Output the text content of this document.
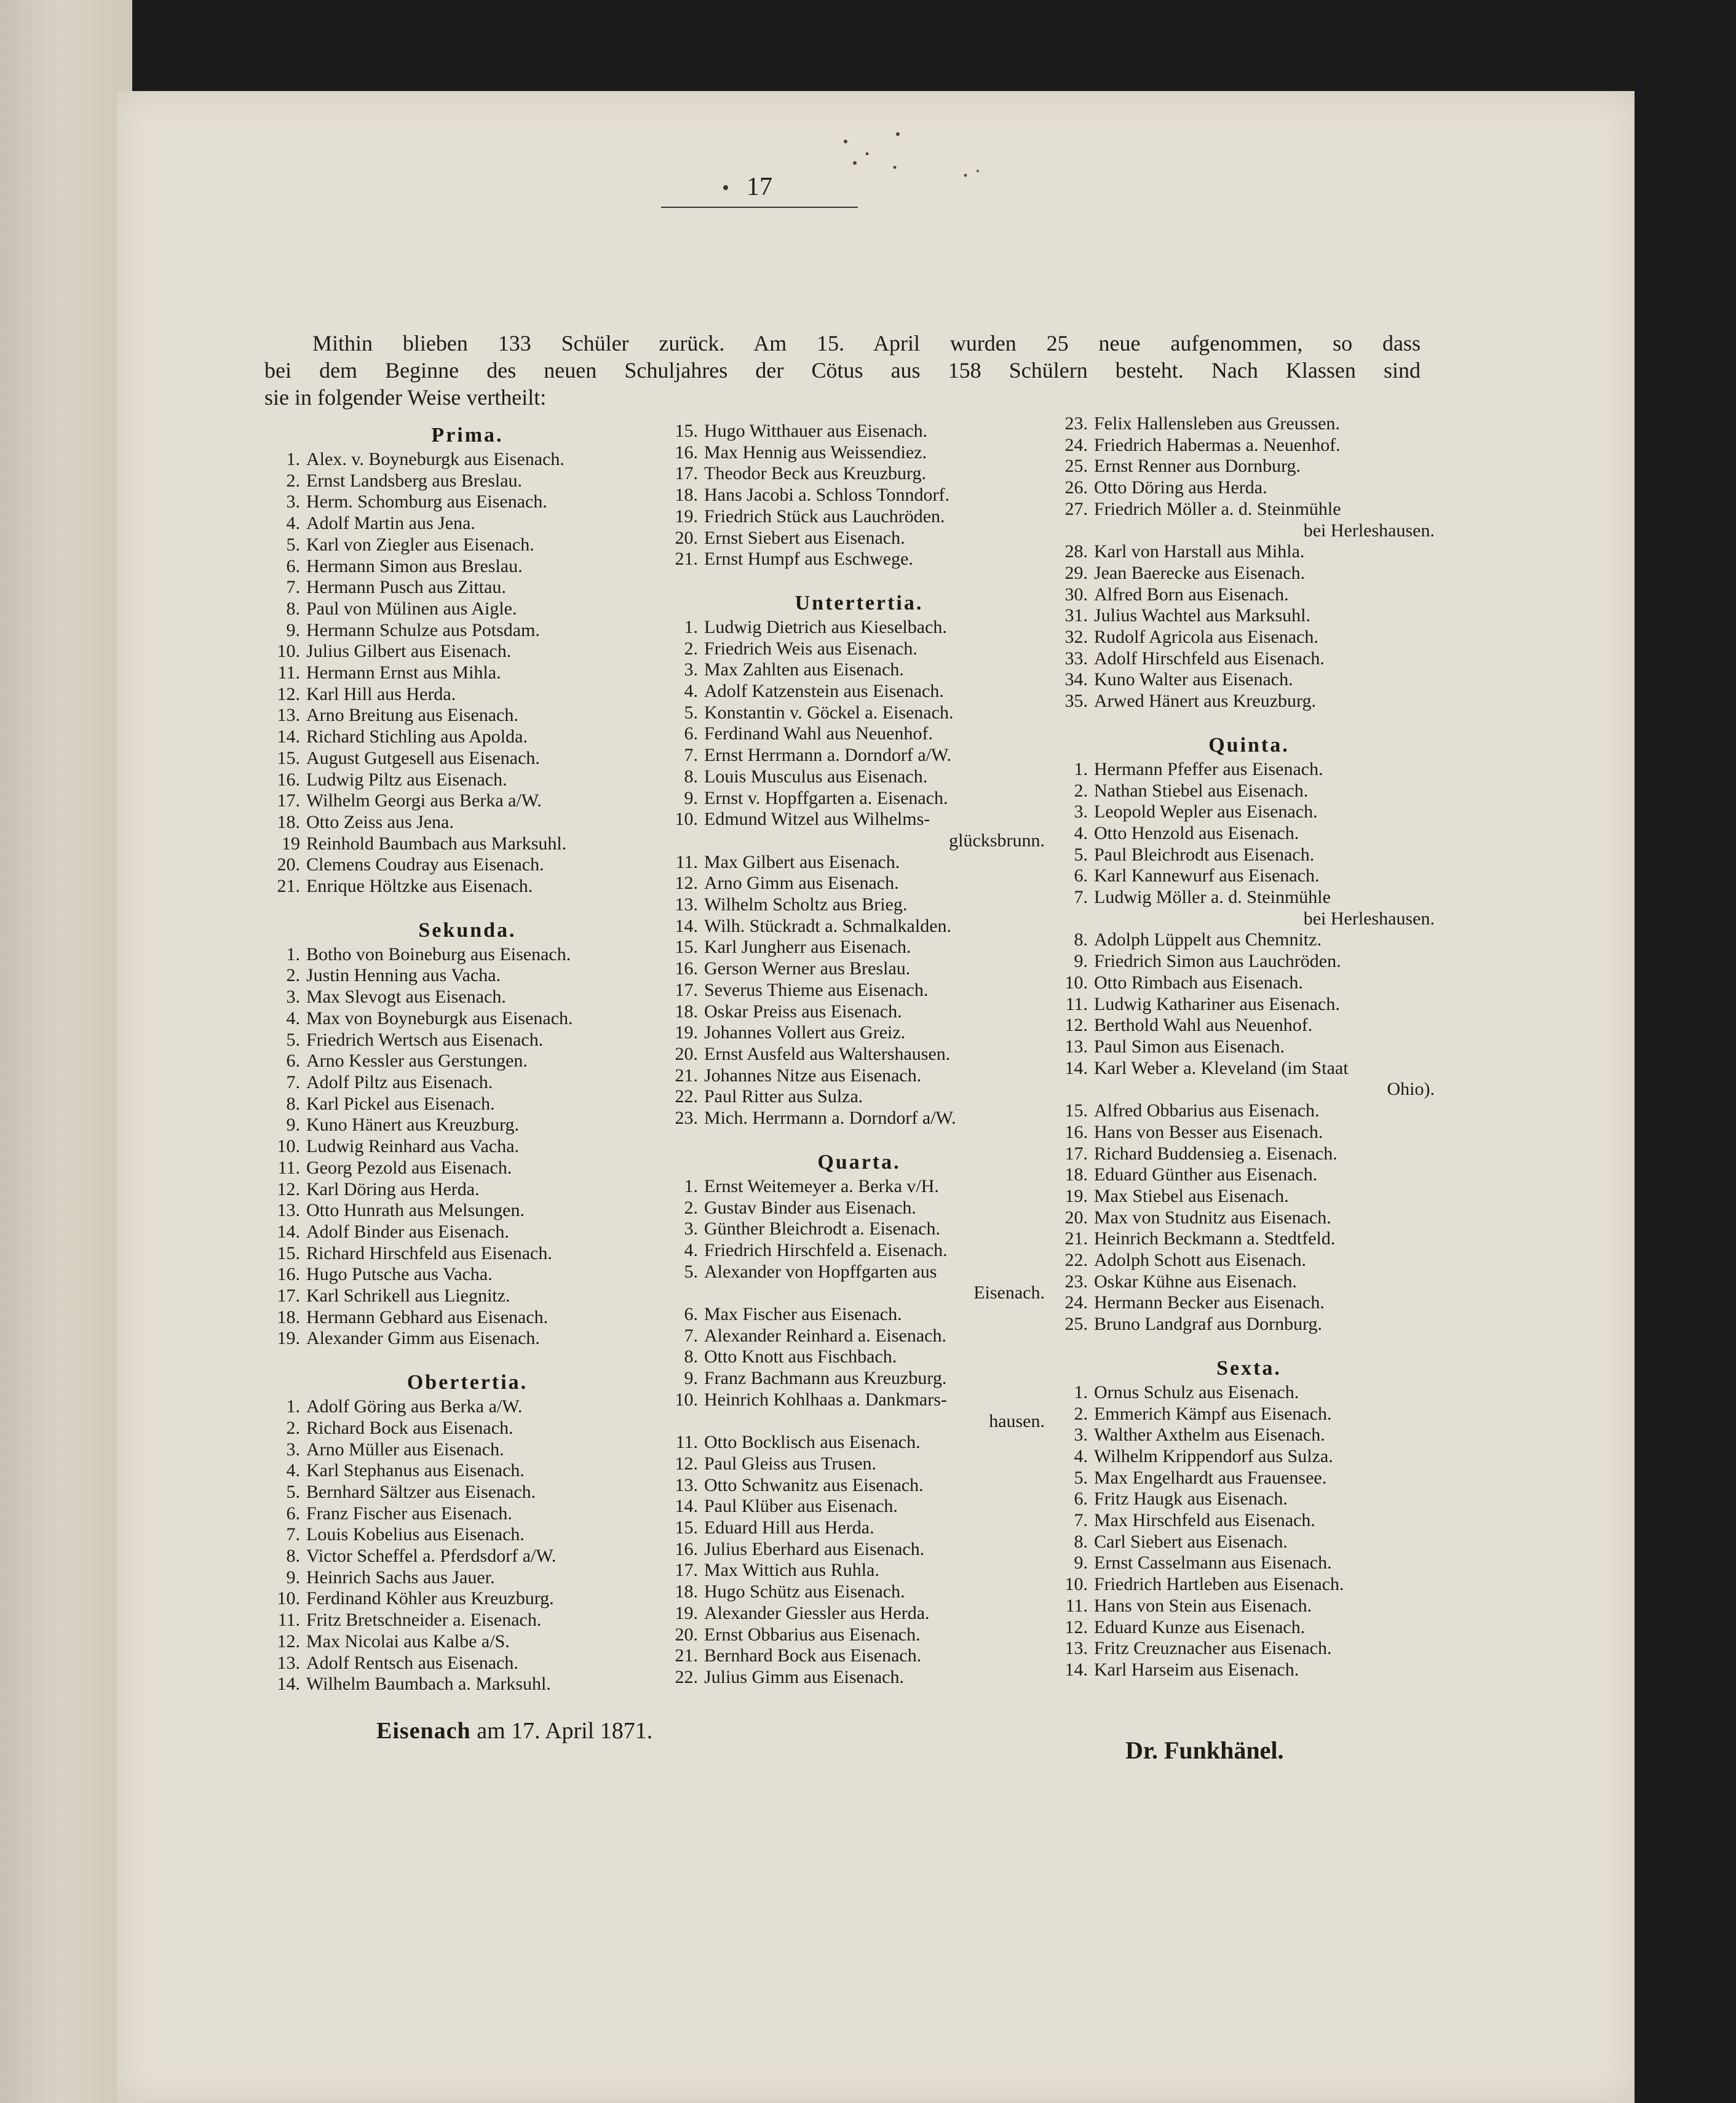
17

Mithin blieben 133 Schüler zurück. Am 15. April wurden 25 neue aufgenommen, so dass

bei dem Beginne des neuen Schuljahres der Cötus aus 158 Schülern besteht. Nach Klassen sind

sie in folgender Weise vertheilt:

Prima.
1. Alex. v. Boyneburgk aus Eisenach.
2. Ernst Landsberg aus Breslau.
3. Herm. Schomburg aus Eisenach.
4. Adolf Martin aus Jena.
5. Karl von Ziegler aus Eisenach.
6. Hermann Simon aus Breslau.
7. Hermann Pusch aus Zittau.
8. Paul von Mülinen aus Aigle.
9. Hermann Schulze aus Potsdam.
10. Julius Gilbert aus Eisenach.
11. Hermann Ernst aus Mihla.
12. Karl Hill aus Herda.
13. Arno Breitung aus Eisenach.
14. Richard Stichling aus Apolda.
15. August Gutgesell aus Eisenach.
16. Ludwig Piltz aus Eisenach.
17. Wilhelm Georgi aus Berka a/W.
18. Otto Zeiss aus Jena.
19 Reinhold Baumbach aus Marksuhl.
20. Clemens Coudray aus Eisenach.
21. Enrique Höltzke aus Eisenach.
Sekunda.
1. Botho von Boineburg aus Eisenach.
2. Justin Henning aus Vacha.
3. Max Slevogt aus Eisenach.
4. Max von Boyneburgk aus Eisenach.
5. Friedrich Wertsch aus Eisenach.
6. Arno Kessler aus Gerstungen.
7. Adolf Piltz aus Eisenach.
8. Karl Pickel aus Eisenach.
9. Kuno Hänert aus Kreuzburg.
10. Ludwig Reinhard aus Vacha.
11. Georg Pezold aus Eisenach.
12. Karl Döring aus Herda.
13. Otto Hunrath aus Melsungen.
14. Adolf Binder aus Eisenach.
15. Richard Hirschfeld aus Eisenach.
16. Hugo Putsche aus Vacha.
17. Karl Schrikell aus Liegnitz.
18. Hermann Gebhard aus Eisenach.
19. Alexander Gimm aus Eisenach.
Obertertia.
1. Adolf Göring aus Berka a/W.
2. Richard Bock aus Eisenach.
3. Arno Müller aus Eisenach.
4. Karl Stephanus aus Eisenach.
5. Bernhard Sältzer aus Eisenach.
6. Franz Fischer aus Eisenach.
7. Louis Kobelius aus Eisenach.
8. Victor Scheffel a. Pferdsdorf a/W.
9. Heinrich Sachs aus Jauer.
10. Ferdinand Köhler aus Kreuzburg.
11. Fritz Bretschneider a. Eisenach.
12. Max Nicolai aus Kalbe a/S.
13. Adolf Rentsch aus Eisenach.
14. Wilhelm Baumbach a. Marksuhl.
15. Hugo Witthauer aus Eisenach.
16. Max Hennig aus Weissendiez.
17. Theodor Beck aus Kreuzburg.
18. Hans Jacobi a. Schloss Tonndorf.
19. Friedrich Stück aus Lauchröden.
20. Ernst Siebert aus Eisenach.
21. Ernst Humpf aus Eschwege.
Untertertia.
1. Ludwig Dietrich aus Kieselbach.
2. Friedrich Weis aus Eisenach.
3. Max Zahlten aus Eisenach.
4. Adolf Katzenstein aus Eisenach.
5. Konstantin v. Göckel a. Eisenach.
6. Ferdinand Wahl aus Neuenhof.
7. Ernst Herrmann a. Dorndorf a/W.
8. Louis Musculus aus Eisenach.
9. Ernst v. Hopffgarten a. Eisenach.
10. Edmund Witzel aus Wilhelms-
glücksbrunn.
11. Max Gilbert aus Eisenach.
12. Arno Gimm aus Eisenach.
13. Wilhelm Scholtz aus Brieg.
14. Wilh. Stückradt a. Schmalkalden.
15. Karl Jungherr aus Eisenach.
16. Gerson Werner aus Breslau.
17. Severus Thieme aus Eisenach.
18. Oskar Preiss aus Eisenach.
19. Johannes Vollert aus Greiz.
20. Ernst Ausfeld aus Waltershausen.
21. Johannes Nitze aus Eisenach.
22. Paul Ritter aus Sulza.
23. Mich. Herrmann a. Dorndorf a/W.
Quarta.
1. Ernst Weitemeyer a. Berka v/H.
2. Gustav Binder aus Eisenach.
3. Günther Bleichrodt a. Eisenach.
4. Friedrich Hirschfeld a. Eisenach.
5. Alexander von Hopffgarten aus
Eisenach.
6. Max Fischer aus Eisenach.
7. Alexander Reinhard a. Eisenach.
8. Otto Knott aus Fischbach.
9. Franz Bachmann aus Kreuzburg.
10. Heinrich Kohlhaas a. Dankmars-
hausen.
11. Otto Bocklisch aus Eisenach.
12. Paul Gleiss aus Trusen.
13. Otto Schwanitz aus Eisenach.
14. Paul Klüber aus Eisenach.
15. Eduard Hill aus Herda.
16. Julius Eberhard aus Eisenach.
17. Max Wittich aus Ruhla.
18. Hugo Schütz aus Eisenach.
19. Alexander Giessler aus Herda.
20. Ernst Obbarius aus Eisenach.
21. Bernhard Bock aus Eisenach.
22. Julius Gimm aus Eisenach.
23. Felix Hallensleben aus Greussen.
24. Friedrich Habermas a. Neuenhof.
25. Ernst Renner aus Dornburg.
26. Otto Döring aus Herda.
27. Friedrich Möller a. d. Steinmühle
bei Herleshausen.
28. Karl von Harstall aus Mihla.
29. Jean Baerecke aus Eisenach.
30. Alfred Born aus Eisenach.
31. Julius Wachtel aus Marksuhl.
32. Rudolf Agricola aus Eisenach.
33. Adolf Hirschfeld aus Eisenach.
34. Kuno Walter aus Eisenach.
35. Arwed Hänert aus Kreuzburg.
Quinta.
1. Hermann Pfeffer aus Eisenach.
2. Nathan Stiebel aus Eisenach.
3. Leopold Wepler aus Eisenach.
4. Otto Henzold aus Eisenach.
5. Paul Bleichrodt aus Eisenach.
6. Karl Kannewurf aus Eisenach.
7. Ludwig Möller a. d. Steinmühle
bei Herleshausen.
8. Adolph Lüppelt aus Chemnitz.
9. Friedrich Simon aus Lauchröden.
10. Otto Rimbach aus Eisenach.
11. Ludwig Kathariner aus Eisenach.
12. Berthold Wahl aus Neuenhof.
13. Paul Simon aus Eisenach.
14. Karl Weber a. Kleveland (im Staat
Ohio).
15. Alfred Obbarius aus Eisenach.
16. Hans von Besser aus Eisenach.
17. Richard Buddensieg a. Eisenach.
18. Eduard Günther aus Eisenach.
19. Max Stiebel aus Eisenach.
20. Max von Studnitz aus Eisenach.
21. Heinrich Beckmann a. Stedtfeld.
22. Adolph Schott aus Eisenach.
23. Oskar Kühne aus Eisenach.
24. Hermann Becker aus Eisenach.
25. Bruno Landgraf aus Dornburg.
Sexta.
1. Ornus Schulz aus Eisenach.
2. Emmerich Kämpf aus Eisenach.
3. Walther Axthelm aus Eisenach.
4. Wilhelm Krippendorf aus Sulza.
5. Max Engelhardt aus Frauensee.
6. Fritz Haugk aus Eisenach.
7. Max Hirschfeld aus Eisenach.
8. Carl Siebert aus Eisenach.
9. Ernst Casselmann aus Eisenach.
10. Friedrich Hartleben aus Eisenach.
11. Hans von Stein aus Eisenach.
12. Eduard Kunze aus Eisenach.
13. Fritz Creuznacher aus Eisenach.
14. Karl Harseim aus Eisenach.
Eisenach am 17. April 1871.
Dr. Funkhänel.
